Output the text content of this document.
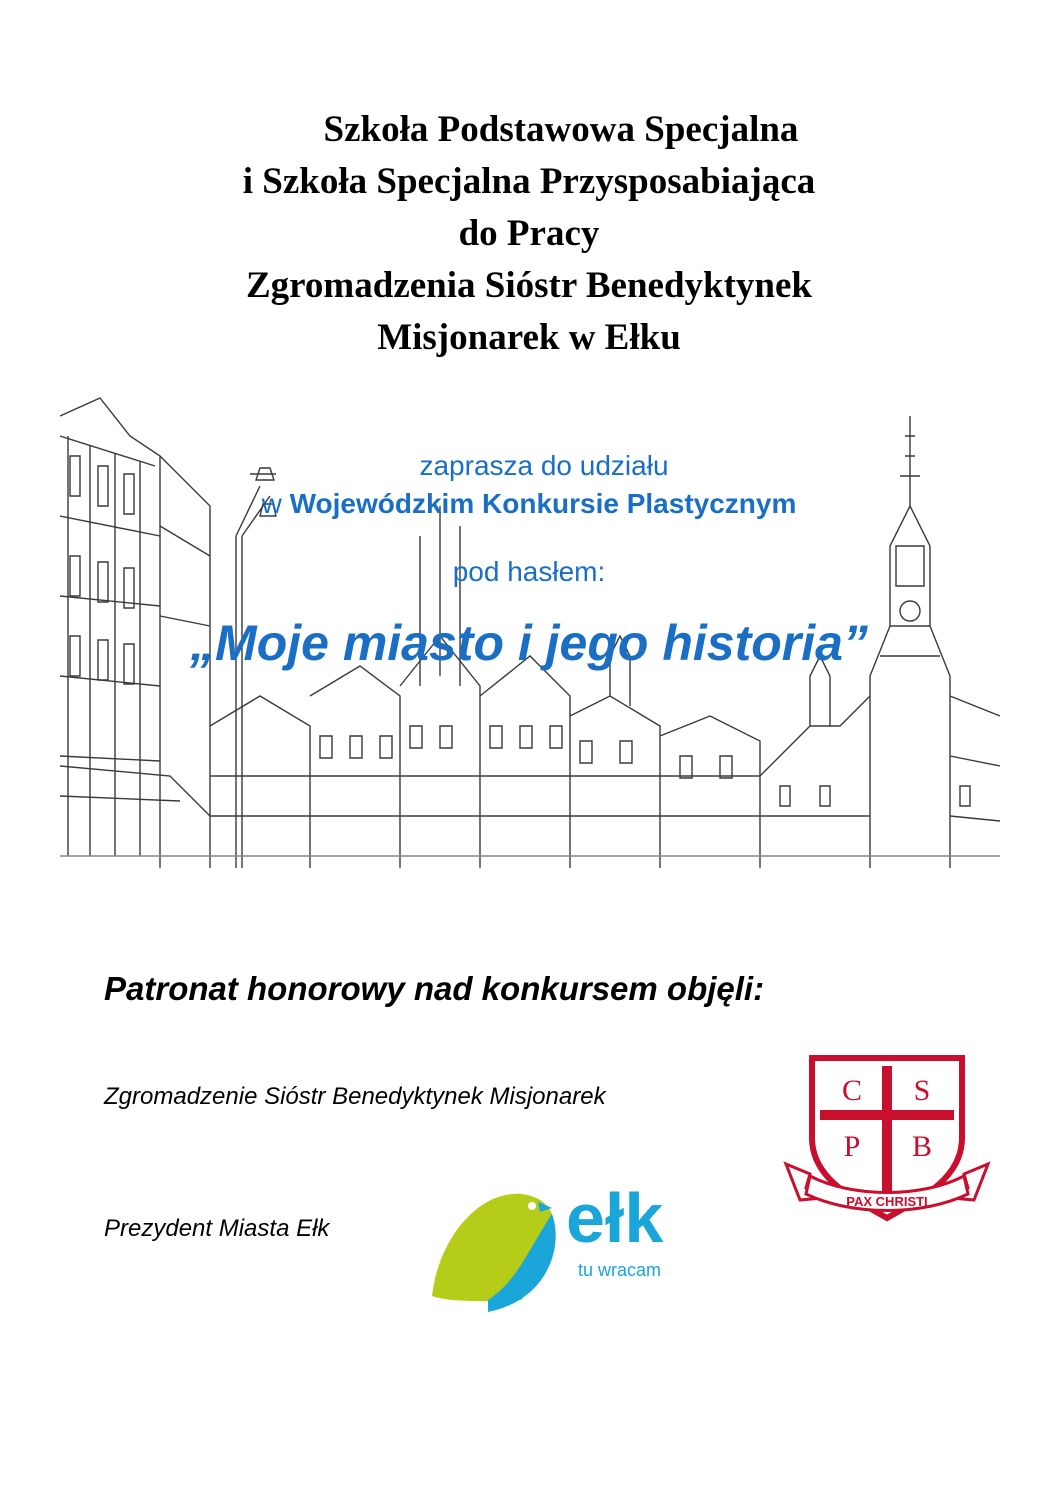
Szkoła Podstawowa Specjalna
i Szkoła Specjalna Przysposabiająca
do Pracy
Zgromadzenia Sióstr Benedyktynek
Misjonarek w Ełku
zaprasza do udziału
w Wojewódzkim Konkursie Plastycznym
pod hasłem:
„Moje miasto i jego historia”
Patronat honorowy nad konkursem objęli:
Zgromadzenie Sióstr Benedyktynek Misjonarek
Prezydent Miasta Ełk	ełk
tu wracam
C S
P B
PAX CHRISTI
